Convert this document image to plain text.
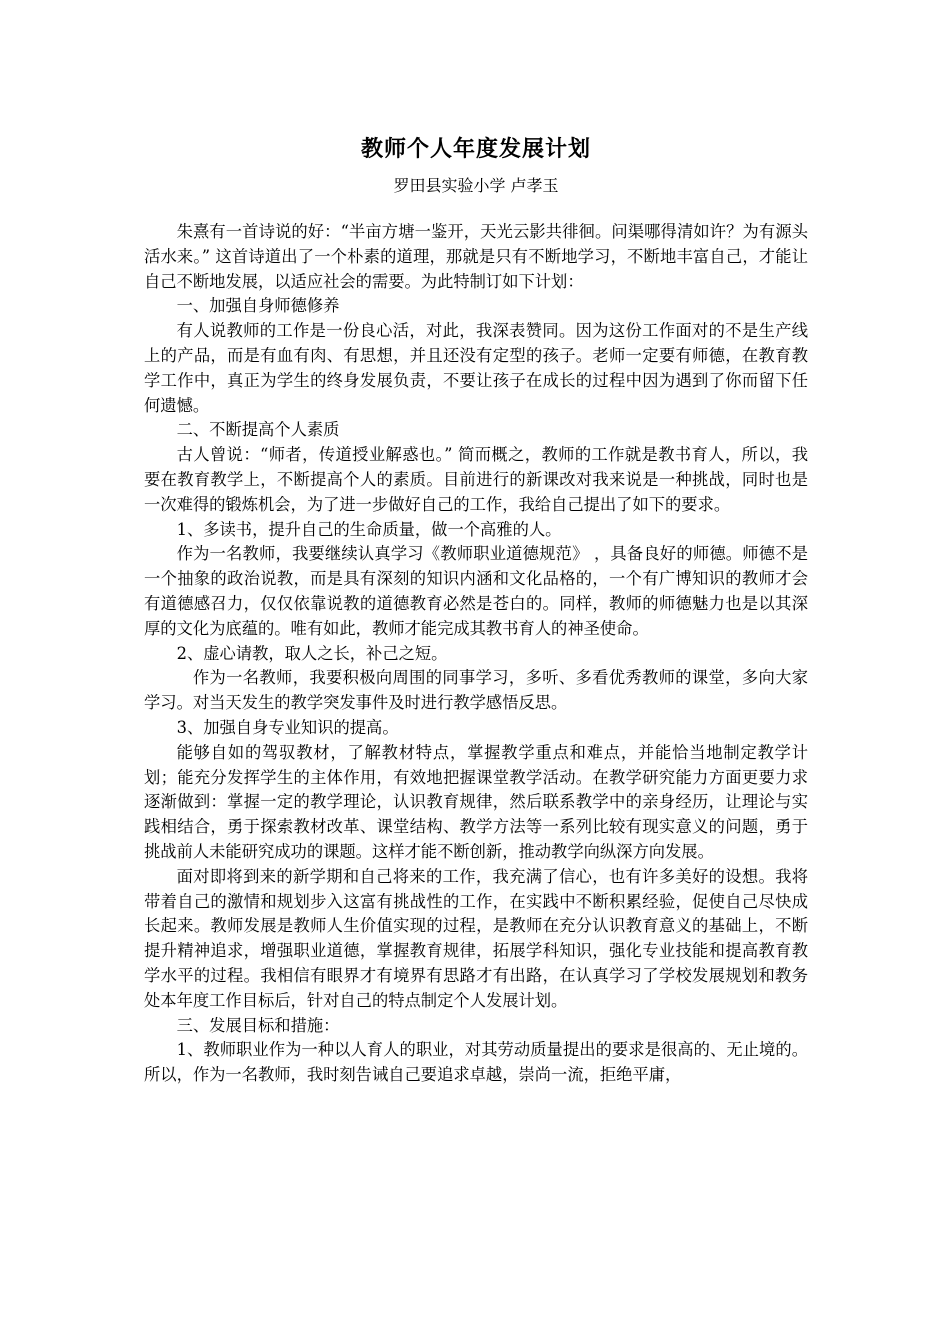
教师个人年度发展计划
罗田县实验小学 卢孝玉

朱熹有一首诗说的好：“半亩方塘一鉴开，天光云影共徘徊。问渠哪得清如许？为有源头活水来。” 这首诗道出了一个朴素的道理，那就是只有不断地学习，不断地丰富自己，才能让自己不断地发展，以适应社会的需要。为此特制订如下计划：

一、加强自身师德修养

有人说教师的工作是一份良心活，对此，我深表赞同。因为这份工作面对的不是生产线上的产品，而是有血有肉、有思想，并且还没有定型的孩子。老师一定要有师德，在教育教学工作中，真正为学生的终身发展负责，不要让孩子在成长的过程中因为遇到了你而留下任何遗憾。

二、不断提高个人素质

古人曾说：“师者，传道授业解惑也。” 简而概之，教师的工作就是教书育人，所以，我要在教育教学上，不断提高个人的素质。目前进行的新课改对我来说是一种挑战，同时也是一次难得的锻炼机会，为了进一步做好自己的工作，我给自己提出了如下的要求。

1、多读书，提升自己的生命质量，做一个高雅的人。

作为一名教师，我要继续认真学习《教师职业道德规范》 ，具备良好的师德。师德不是一个抽象的政治说教，而是具有深刻的知识内涵和文化品格的，一个有广博知识的教师才会有道德感召力，仅仅依靠说教的道德教育必然是苍白的。同样，教师的师德魅力也是以其深厚的文化为底蕴的。唯有如此，教师才能完成其教书育人的神圣使命。

2、虚心请教，取人之长，补己之短。

作为一名教师，我要积极向周围的同事学习，多听、多看优秀教师的课堂，多向大家学习。对当天发生的教学突发事件及时进行教学感悟反思。

3、加强自身专业知识的提高。

能够自如的驾驭教材，了解教材特点，掌握教学重点和难点，并能恰当地制定教学计划；能充分发挥学生的主体作用，有效地把握课堂教学活动。在教学研究能力方面更要力求逐渐做到：掌握一定的教学理论，认识教育规律，然后联系教学中的亲身经历，让理论与实践相结合，勇于探索教材改革、课堂结构、教学方法等一系列比较有现实意义的问题，勇于挑战前人未能研究成功的课题。这样才能不断创新，推动教学向纵深方向发展。

面对即将到来的新学期和自己将来的工作，我充满了信心，也有许多美好的设想。我将带着自己的激情和规划步入这富有挑战性的工作，在实践中不断积累经验，促使自己尽快成长起来。教师发展是教师人生价值实现的过程，是教师在充分认识教育意义的基础上，不断提升精神追求，增强职业道德，掌握教育规律，拓展学科知识，强化专业技能和提高教育教学水平的过程。我相信有眼界才有境界有思路才有出路，在认真学习了学校发展规划和教务处本年度工作目标后，针对自己的特点制定个人发展计划。

三、发展目标和措施：

1、教师职业作为一种以人育人的职业，对其劳动质量提出的要求是很高的、无止境的。所以，作为一名教师，我时刻告诫自己要追求卓越，崇尚一流，拒绝平庸，
